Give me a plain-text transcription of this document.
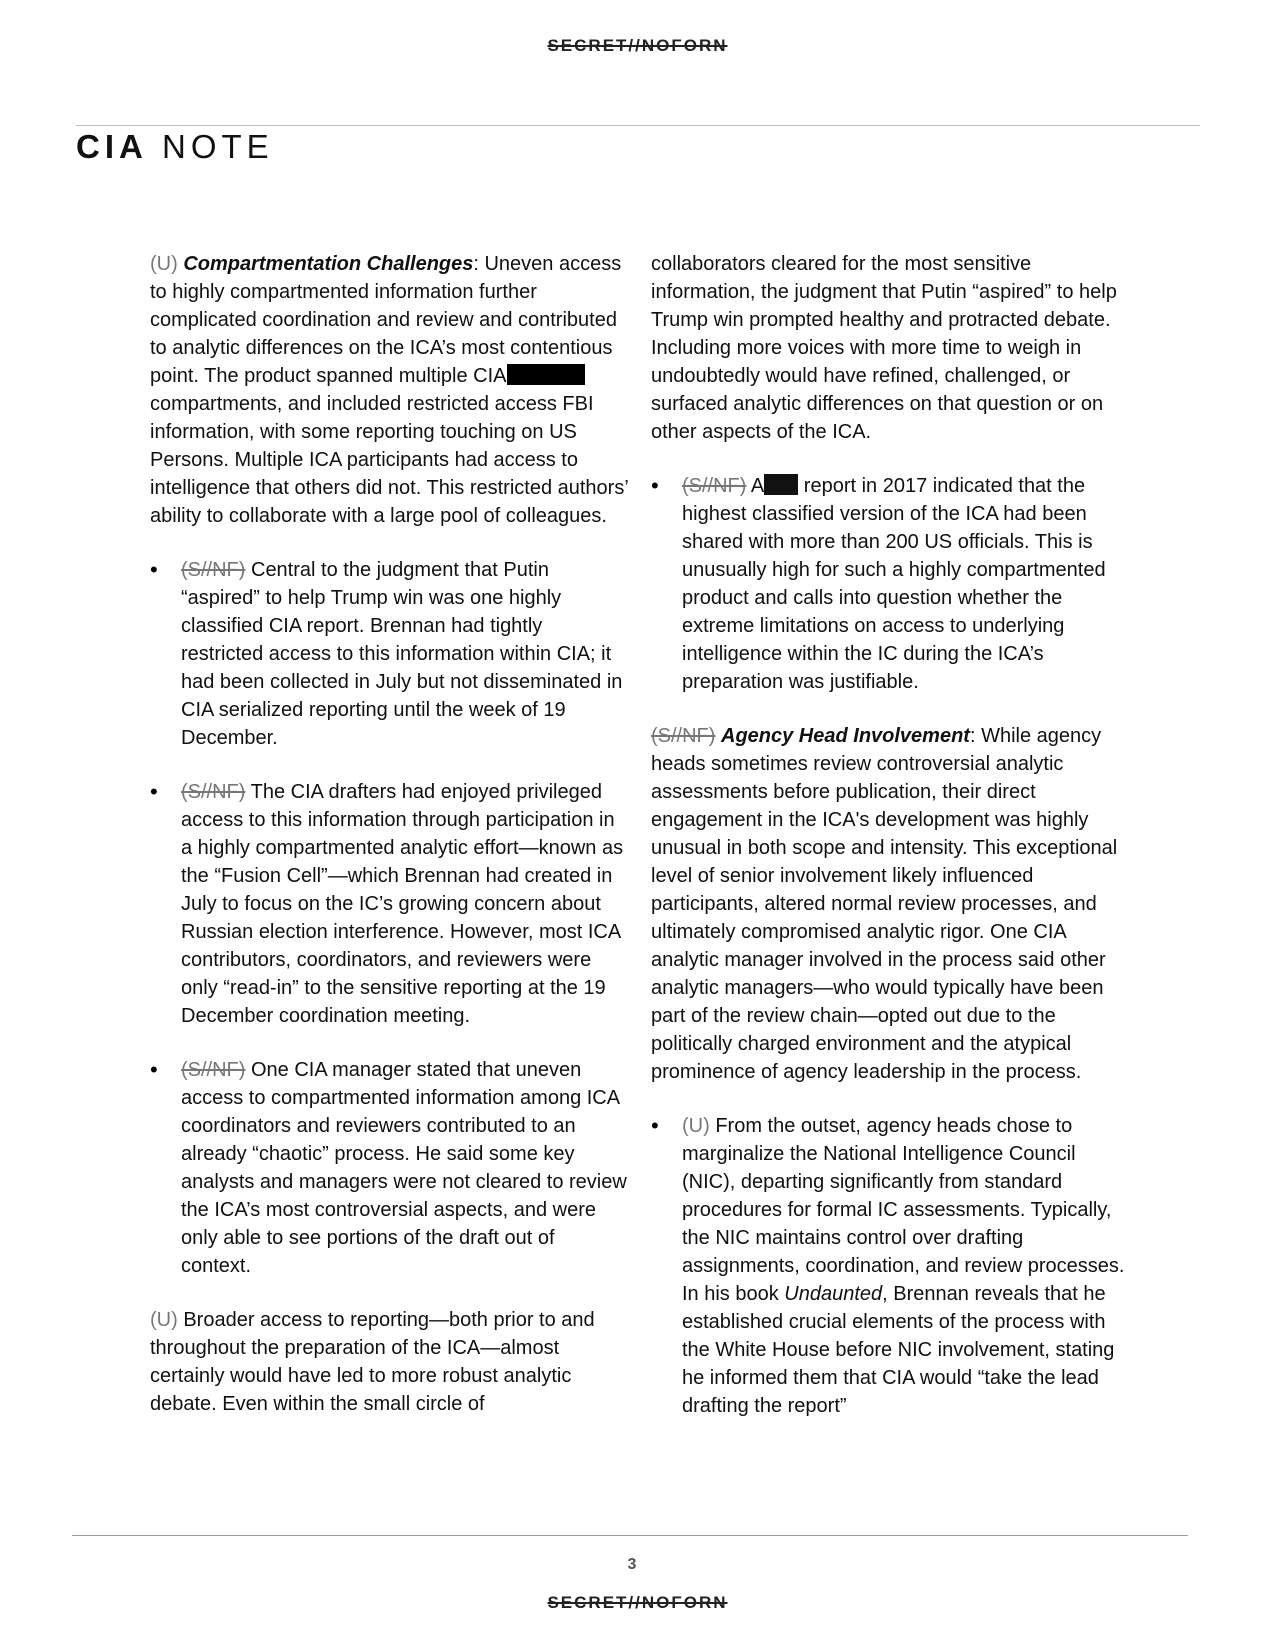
SECRET//NOFORN
CIA NOTE

(U) Compartmentation Challenges: Uneven access to highly compartmented information further complicated coordination and review and contributed to analytic differences on the ICA’s most contentious point. The product spanned multiple CIA compartments, and included restricted access FBI information, with some reporting touching on US Persons. Multiple ICA participants had access to intelligence that others did not. This restricted authors’ ability to collaborate with a large pool of colleagues.

• (S//NF) Central to the judgment that Putin “aspired” to help Trump win was one highly classified CIA report. Brennan had tightly restricted access to this information within CIA; it had been collected in July but not disseminated in CIA serialized reporting until the week of 19 December.
• (S//NF) The CIA drafters had enjoyed privileged access to this information through participation in a highly compartmented analytic effort—known as the “Fusion Cell”—which Brennan had created in July to focus on the IC’s growing concern about Russian election interference. However, most ICA contributors, coordinators, and reviewers were only “read-in” to the sensitive reporting at the 19 December coordination meeting.
• (S//NF) One CIA manager stated that uneven access to compartmented information among ICA coordinators and reviewers contributed to an already “chaotic” process. He said some key analysts and managers were not cleared to review the ICA’s most controversial aspects, and were only able to see portions of the draft out of context.

(U) Broader access to reporting—both prior to and throughout the preparation of the ICA—almost certainly would have led to more robust analytic debate. Even within the small circle of

collaborators cleared for the most sensitive information, the judgment that Putin “aspired” to help Trump win prompted healthy and protracted debate. Including more voices with more time to weigh in undoubtedly would have refined, challenged, or surfaced analytic differences on that question or on other aspects of the ICA.

• (S//NF) A report in 2017 indicated that the highest classified version of the ICA had been shared with more than 200 US officials. This is unusually high for such a highly compartmented product and calls into question whether the extreme limitations on access to underlying intelligence within the IC during the ICA’s preparation was justifiable.

(S//NF) Agency Head Involvement: While agency heads sometimes review controversial analytic assessments before publication, their direct engagement in the ICA's development was highly unusual in both scope and intensity. This exceptional level of senior involvement likely influenced participants, altered normal review processes, and ultimately compromised analytic rigor. One CIA analytic manager involved in the process said other analytic managers—who would typically have been part of the review chain—opted out due to the politically charged environment and the atypical prominence of agency leadership in the process.

• (U) From the outset, agency heads chose to marginalize the National Intelligence Council (NIC), departing significantly from standard procedures for formal IC assessments. Typically, the NIC maintains control over drafting assignments, coordination, and review processes. In his book Undaunted, Brennan reveals that he established crucial elements of the process with the White House before NIC involvement, stating he informed them that CIA would “take the lead drafting the report”
3
SECRET//NOFORN
